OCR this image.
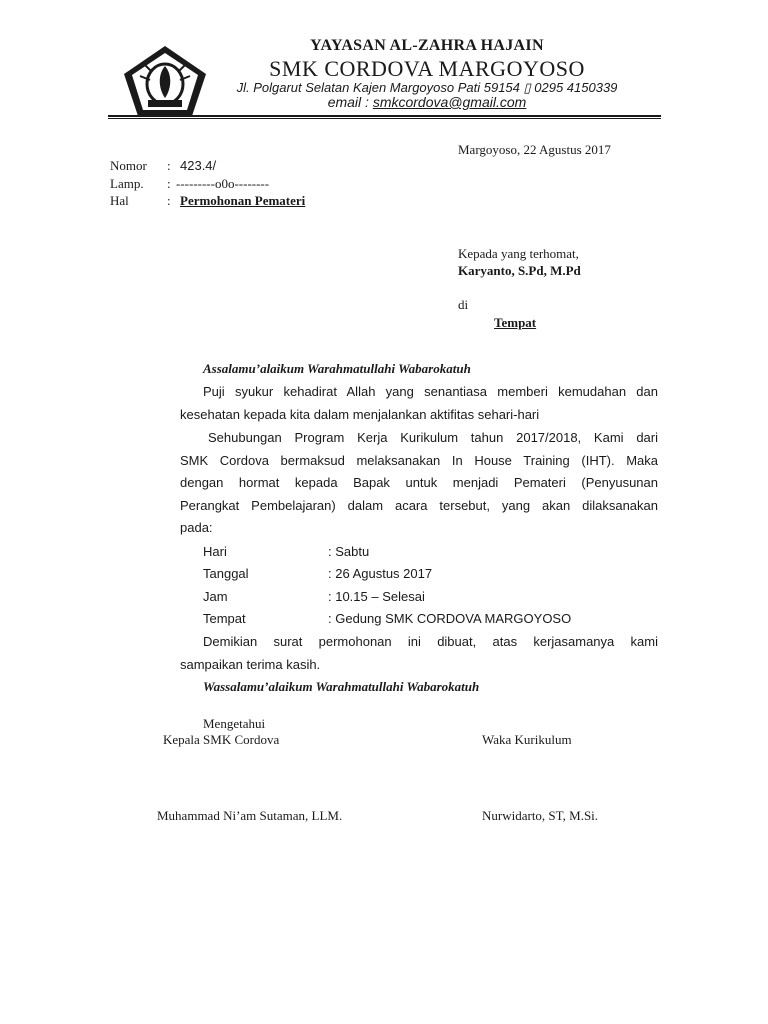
YAYASAN AL-ZAHRA HAJAIN
SMK CORDOVA MARGOYOSO
Jl. Polgarut Selatan Kajen Margoyoso Pati 59154 ▯ 0295 4150339
email : smkcordova@gmail.com
Margoyoso, 22 Agustus 2017
Nomor : 423.4/
Lamp. : ---------o0o--------
Hal	: Permohonan Pemateri
Kepada yang terhomat,
Karyanto, S.Pd, M.Pd
di
Tempat
Assalamu’alaikum Warahmatullahi Wabarokatuh
Puji syukur kehadirat Allah yang senantiasa memberi kemudahan dan
kesehatan kepada kita dalam menjalankan aktifitas sehari-hari
Sehubungan Program Kerja Kurikulum tahun 2017/2018, Kami dari
SMK Cordova bermaksud melaksanakan In House Training (IHT). Maka
dengan hormat kepada Bapak untuk menjadi Pemateri (Penyusunan
Perangkat Pembelajaran) dalam acara tersebut, yang akan dilaksanakan
pada:
Hari	: Sabtu
Tanggal	: 26 Agustus 2017
Jam	: 10.15 – Selesai
Tempat	: Gedung SMK CORDOVA MARGOYOSO
Demikian surat permohonan ini dibuat, atas kerjasamanya kami
sampaikan terima kasih.
Wassalamu’alaikum Warahmatullahi Wabarokatuh
Mengetahui
Kepala SMK Cordova	Waka Kurikulum
Muhammad Ni’am Sutaman, LLM.	Nurwidarto, ST, M.Si.
